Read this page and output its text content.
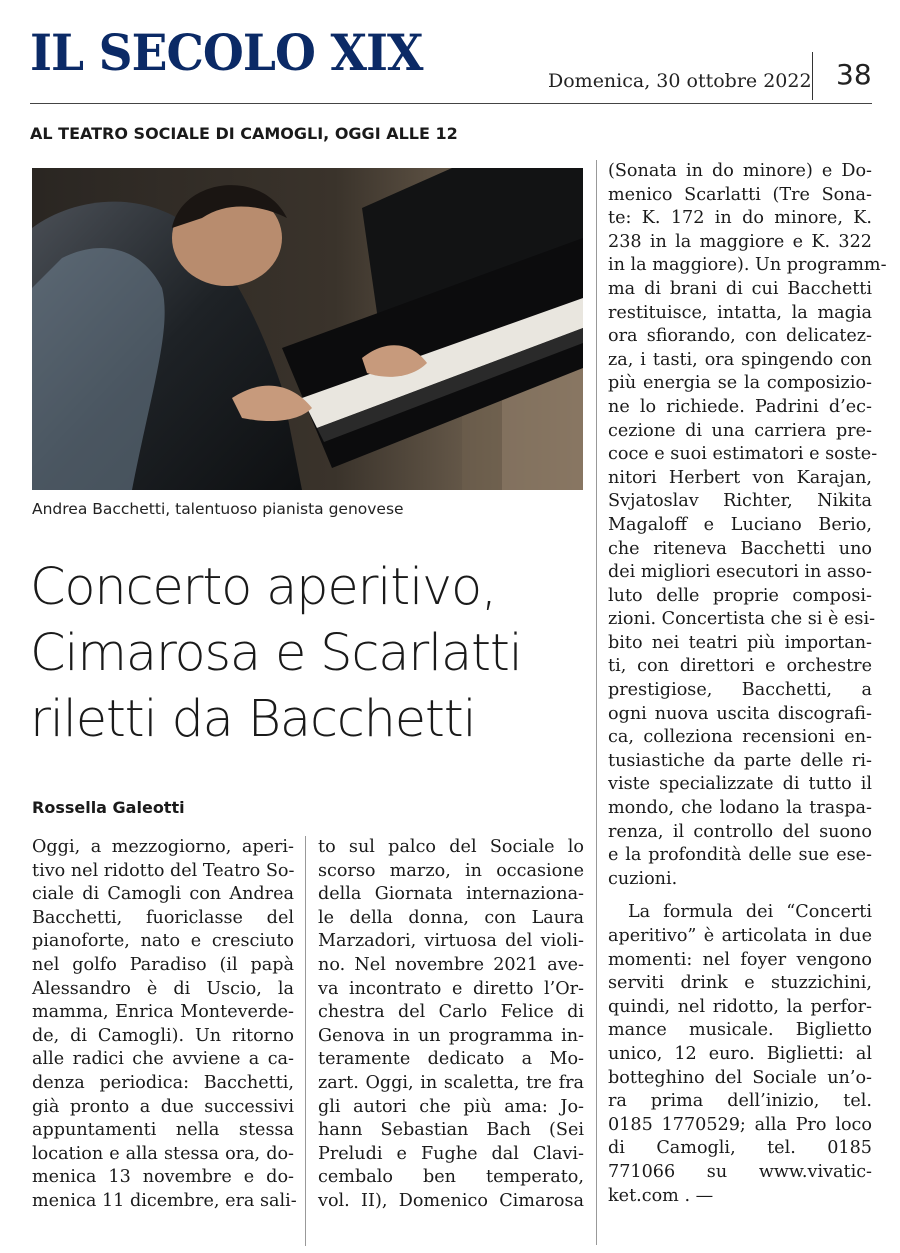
IL SECOLO XIX	Domenica, 30 ottobre 2022 38
AL TEATRO SOCIALE DI CAMOGLI, OGGI ALLE 12
Andrea Bacchetti, talentuoso pianista genovese
Concerto aperitivo,
Cimarosa e Scarlatti
riletti da Bacchetti
Rossella Galeotti
Oggi, a mezzogiorno, aperi-
tivo nel ridotto del Teatro So-
ciale di Camogli con Andrea
Bacchetti, fuoriclasse del
pianoforte, nato e cresciuto
nel golfo Paradiso (il papà
Alessandro è di Uscio, la
mamma, Enrica Monteverde-
de, di Camogli). Un ritorno
alle radici che avviene a ca-
denza periodica: Bacchetti,
già pronto a due successivi
appuntamenti nella stessa
location e alla stessa ora, do-
menica 13 novembre e do-
menica 11 dicembre, era sali-
to sul palco del Sociale lo
scorso marzo, in occasione
della Giornata internaziona-
le della donna, con Laura
Marzadori, virtuosa del violi-
no. Nel novembre 2021 ave-
va incontrato e diretto l’Or-
chestra del Carlo Felice di
Genova in un programma in-
teramente dedicato a Mo-
zart. Oggi, in scaletta, tre fra
gli autori che più ama: Jo-
hann Sebastian Bach (Sei
Preludi e Fughe dal Clavi-
cembalo ben temperato,
vol. II), Domenico Cimarosa
(Sonata in do minore) e Do-
menico Scarlatti (Tre Sona-
te: K. 172 in do minore, K.
238 in la maggiore e K. 322
in la maggiore). Un programm-
ma di brani di cui Bacchetti
restituisce, intatta, la magia
ora sfiorando, con delicatez-
za, i tasti, ora spingendo con
più energia se la composizio-
ne lo richiede. Padrini d’ec-
cezione di una carriera pre-
coce e suoi estimatori e soste-
nitori Herbert von Karajan,
Svjatoslav Richter, Nikita
Magaloff e Luciano Berio,
che riteneva Bacchetti uno
dei migliori esecutori in asso-
luto delle proprie composi-
zioni. Concertista che si è esi-
bito nei teatri più importan-
ti, con direttori e orchestre
prestigiose, Bacchetti, a
ogni nuova uscita discografi-
ca, colleziona recensioni en-
tusiastiche da parte delle ri-
viste specializzate di tutto il
mondo, che lodano la traspa-
renza, il controllo del suono
e la profondità delle sue ese-
cuzioni.
La formula dei “Concerti
aperitivo” è articolata in due
momenti: nel foyer vengono
serviti drink e stuzzichini,
quindi, nel ridotto, la perfor-
mance musicale. Biglietto
unico, 12 euro. Biglietti: al
botteghino del Sociale un’o-
ra prima dell’inizio, tel.
0185 1770529; alla Pro loco
di Camogli, tel. 0185
771066 su www.vivatic-
ket.com . —
